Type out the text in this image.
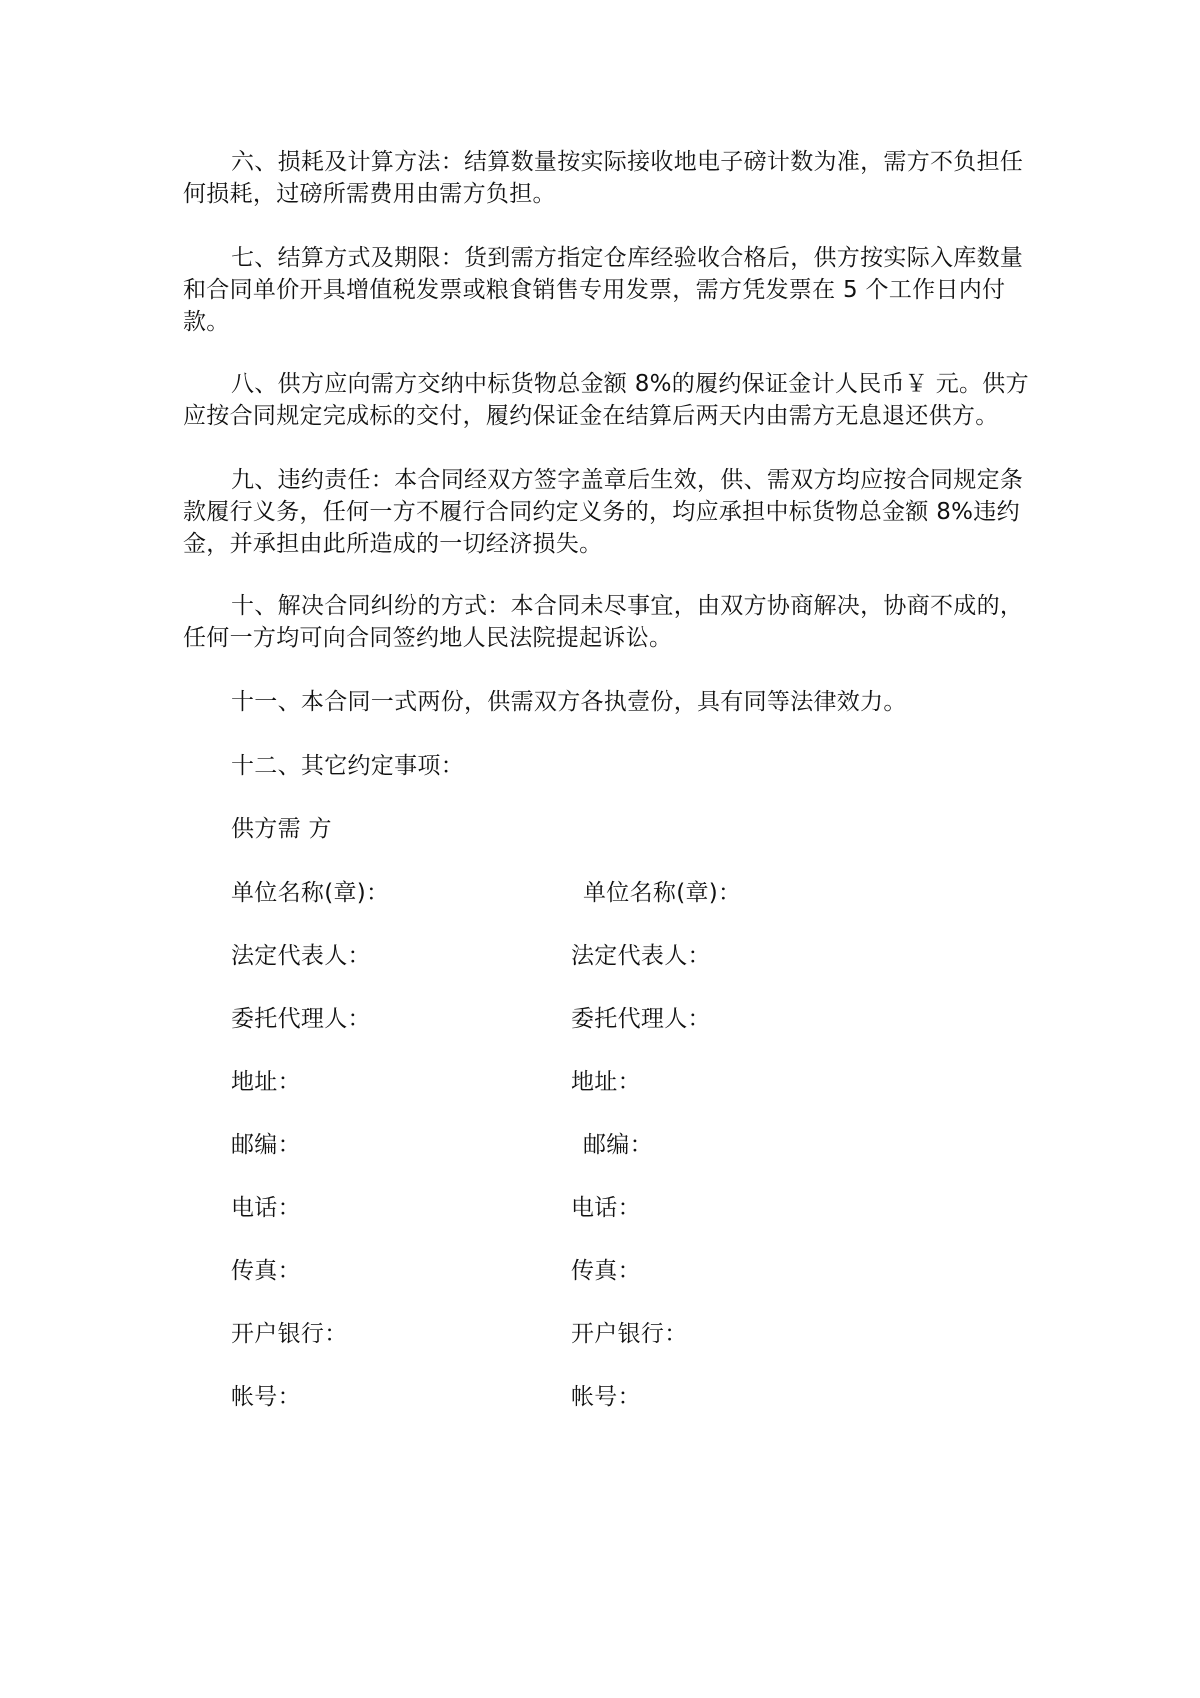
六、损耗及计算方法：结算数量按实际接收地电子磅计数为准，需方不负担任何损耗，过磅所需费用由需方负担。

七、结算方式及期限：货到需方指定仓库经验收合格后，供方按实际入库数量和合同单价开具增值税发票或粮食销售专用发票，需方凭发票在 5 个工作日内付款。

八、供方应向需方交纳中标货物总金额 8%的履约保证金计人民币￥ 元。供方应按合同规定完成标的交付，履约保证金在结算后两天内由需方无息退还供方。

九、违约责任：本合同经双方签字盖章后生效，供、需双方均应按合同规定条款履行义务，任何一方不履行合同约定义务的，均应承担中标货物总金额 8%违约金，并承担由此所造成的一切经济损失。

十、解决合同纠纷的方式：本合同未尽事宜，由双方协商解决，协商不成的，任何一方均可向合同签约地人民法院提起诉讼。

十一、本合同一式两份，供需双方各执壹份，具有同等法律效力。

十二、其它约定事项：

供方需 方

单位名称(章)：	单位名称(章)：

法定代表人：	法定代表人：

委托代理人：	委托代理人：

地址：	地址：

邮编：	邮编：

电话：	电话：

传真：	传真：

开户银行：	开户银行：

帐号：	帐号：
